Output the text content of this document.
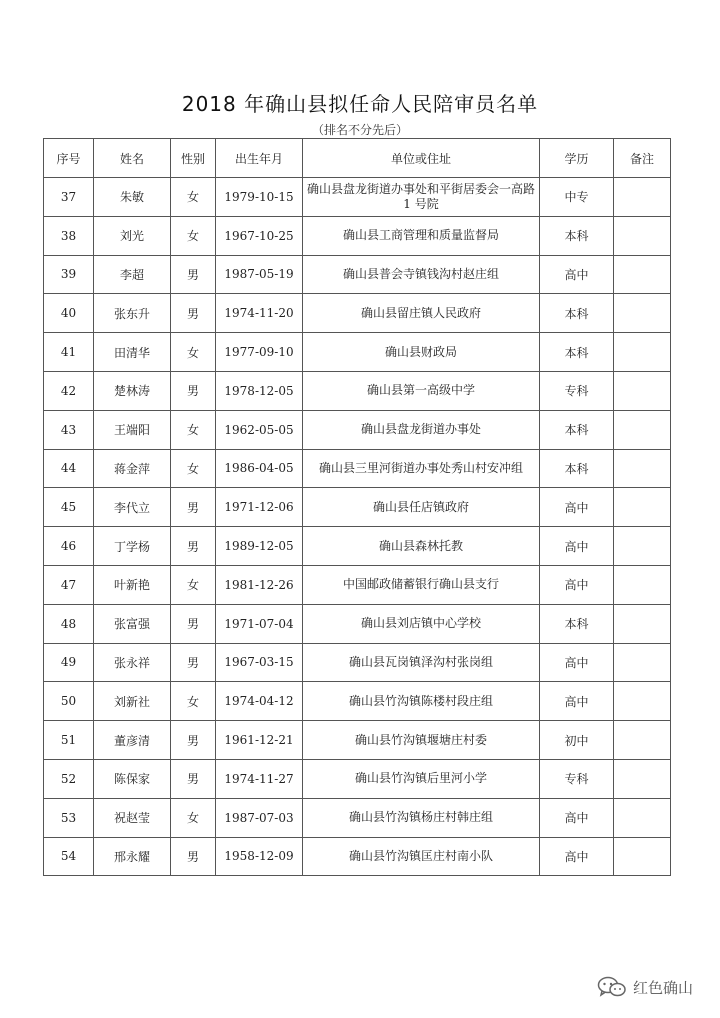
2018 年确山县拟任命人民陪审员名单
（排名不分先后）
序号	姓名	性别	出生年月	单位或住址	学历	备注
37	朱敏	女	1979-10-15	确山县盘龙街道办事处和平街居委会一高路 1 号院	中专	
38	刘光	女	1967-10-25	确山县工商管理和质量监督局	本科	
39	李超	男	1987-05-19	确山县普会寺镇钱沟村赵庄组	高中	
40	张东升	男	1974-11-20	确山县留庄镇人民政府	本科	
41	田清华	女	1977-09-10	确山县财政局	本科	
42	楚林涛	男	1978-12-05	确山县第一高级中学	专科	
43	王端阳	女	1962-05-05	确山县盘龙街道办事处	本科	
44	蒋金萍	女	1986-04-05	确山县三里河街道办事处秀山村安冲组	本科	
45	李代立	男	1971-12-06	确山县任店镇政府	高中	
46	丁学杨	男	1989-12-05	确山县森林托教	高中	
47	叶新艳	女	1981-12-26	中国邮政储蓄银行确山县支行	高中	
48	张富强	男	1971-07-04	确山县刘店镇中心学校	本科	
49	张永祥	男	1967-03-15	确山县瓦岗镇泽沟村张岗组	高中	
50	刘新社	女	1974-04-12	确山县竹沟镇陈楼村段庄组	高中	
51	董彦清	男	1961-12-21	确山县竹沟镇堰塘庄村委	初中	
52	陈保家	男	1974-11-27	确山县竹沟镇后里河小学	专科	
53	祝赵莹	女	1987-07-03	确山县竹沟镇杨庄村韩庄组	高中	
54	邢永耀	男	1958-12-09	确山县竹沟镇匡庄村南小队	高中	
红色确山
